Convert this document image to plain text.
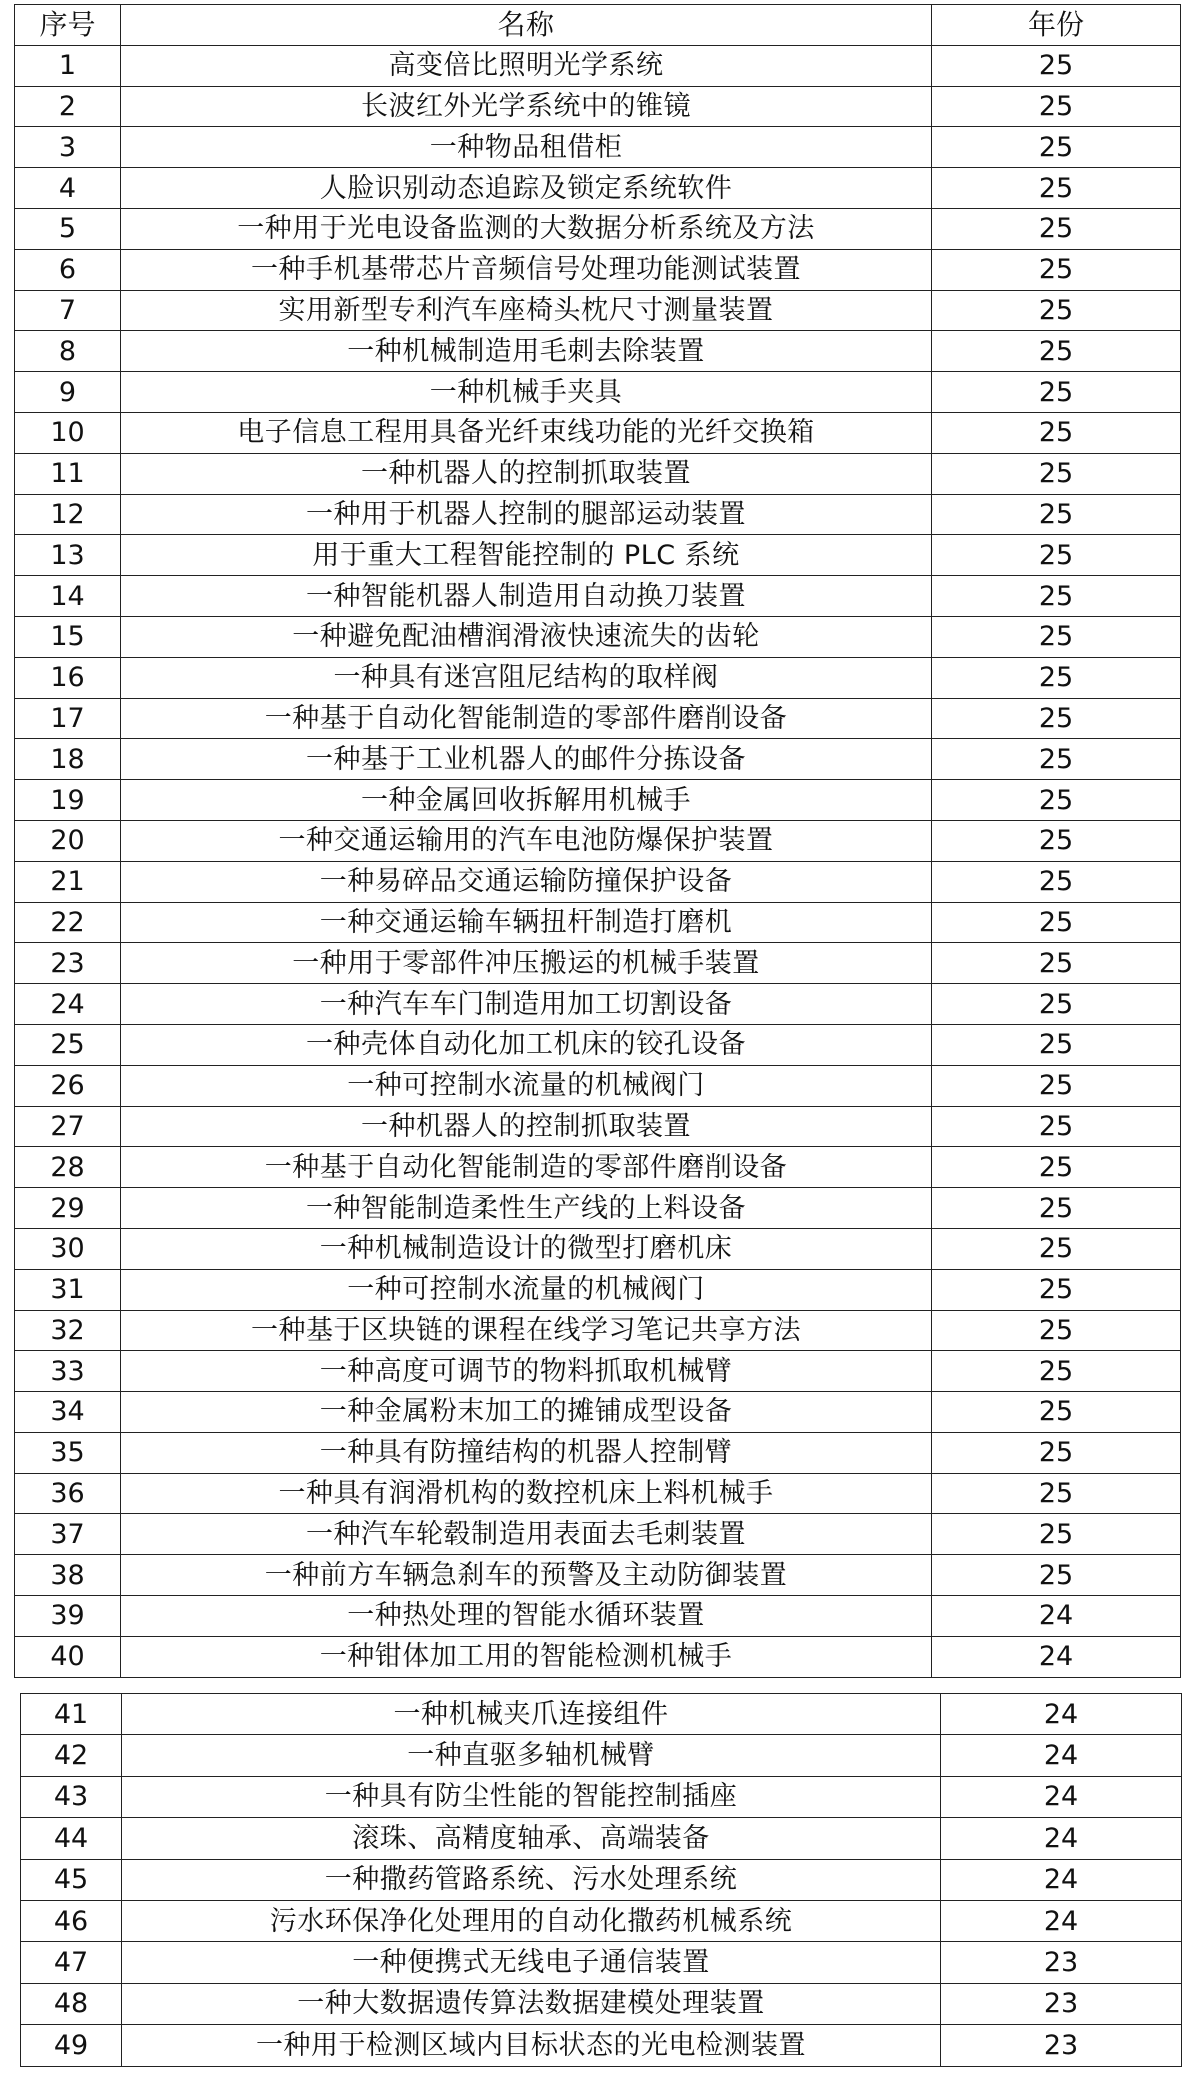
序号	名称	年份
1	高变倍比照明光学系统	25
2	长波红外光学系统中的锥镜	25
3	一种物品租借柜	25
4	人脸识别动态追踪及锁定系统软件	25
5	一种用于光电设备监测的大数据分析系统及方法	25
6	一种手机基带芯片音频信号处理功能测试装置	25
7	实用新型专利汽车座椅头枕尺寸测量装置	25
8	一种机械制造用毛刺去除装置	25
9	一种机械手夹具	25
10	电子信息工程用具备光纤束线功能的光纤交换箱	25
11	一种机器人的控制抓取装置	25
12	一种用于机器人控制的腿部运动装置	25
13	用于重大工程智能控制的 PLC 系统	25
14	一种智能机器人制造用自动换刀装置	25
15	一种避免配油槽润滑液快速流失的齿轮	25
16	一种具有迷宫阻尼结构的取样阀	25
17	一种基于自动化智能制造的零部件磨削设备	25
18	一种基于工业机器人的邮件分拣设备	25
19	一种金属回收拆解用机械手	25
20	一种交通运输用的汽车电池防爆保护装置	25
21	一种易碎品交通运输防撞保护设备	25
22	一种交通运输车辆扭杆制造打磨机	25
23	一种用于零部件冲压搬运的机械手装置	25
24	一种汽车车门制造用加工切割设备	25
25	一种壳体自动化加工机床的铰孔设备	25
26	一种可控制水流量的机械阀门	25
27	一种机器人的控制抓取装置	25
28	一种基于自动化智能制造的零部件磨削设备	25
29	一种智能制造柔性生产线的上料设备	25
30	一种机械制造设计的微型打磨机床	25
31	一种可控制水流量的机械阀门	25
32	一种基于区块链的课程在线学习笔记共享方法	25
33	一种高度可调节的物料抓取机械臂	25
34	一种金属粉末加工的摊铺成型设备	25
35	一种具有防撞结构的机器人控制臂	25
36	一种具有润滑机构的数控机床上料机械手	25
37	一种汽车轮毂制造用表面去毛刺装置	25
38	一种前方车辆急刹车的预警及主动防御装置	25
39	一种热处理的智能水循环装置	24
40	一种钳体加工用的智能检测机械手	24
41	一种机械夹爪连接组件	24
42	一种直驱多轴机械臂	24
43	一种具有防尘性能的智能控制插座	24
44	滚珠、高精度轴承、高端装备	24
45	一种撒药管路系统、污水处理系统	24
46	污水环保净化处理用的自动化撒药机械系统	24
47	一种便携式无线电子通信装置	23
48	一种大数据遗传算法数据建模处理装置	23
49	一种用于检测区域内目标状态的光电检测装置	23
